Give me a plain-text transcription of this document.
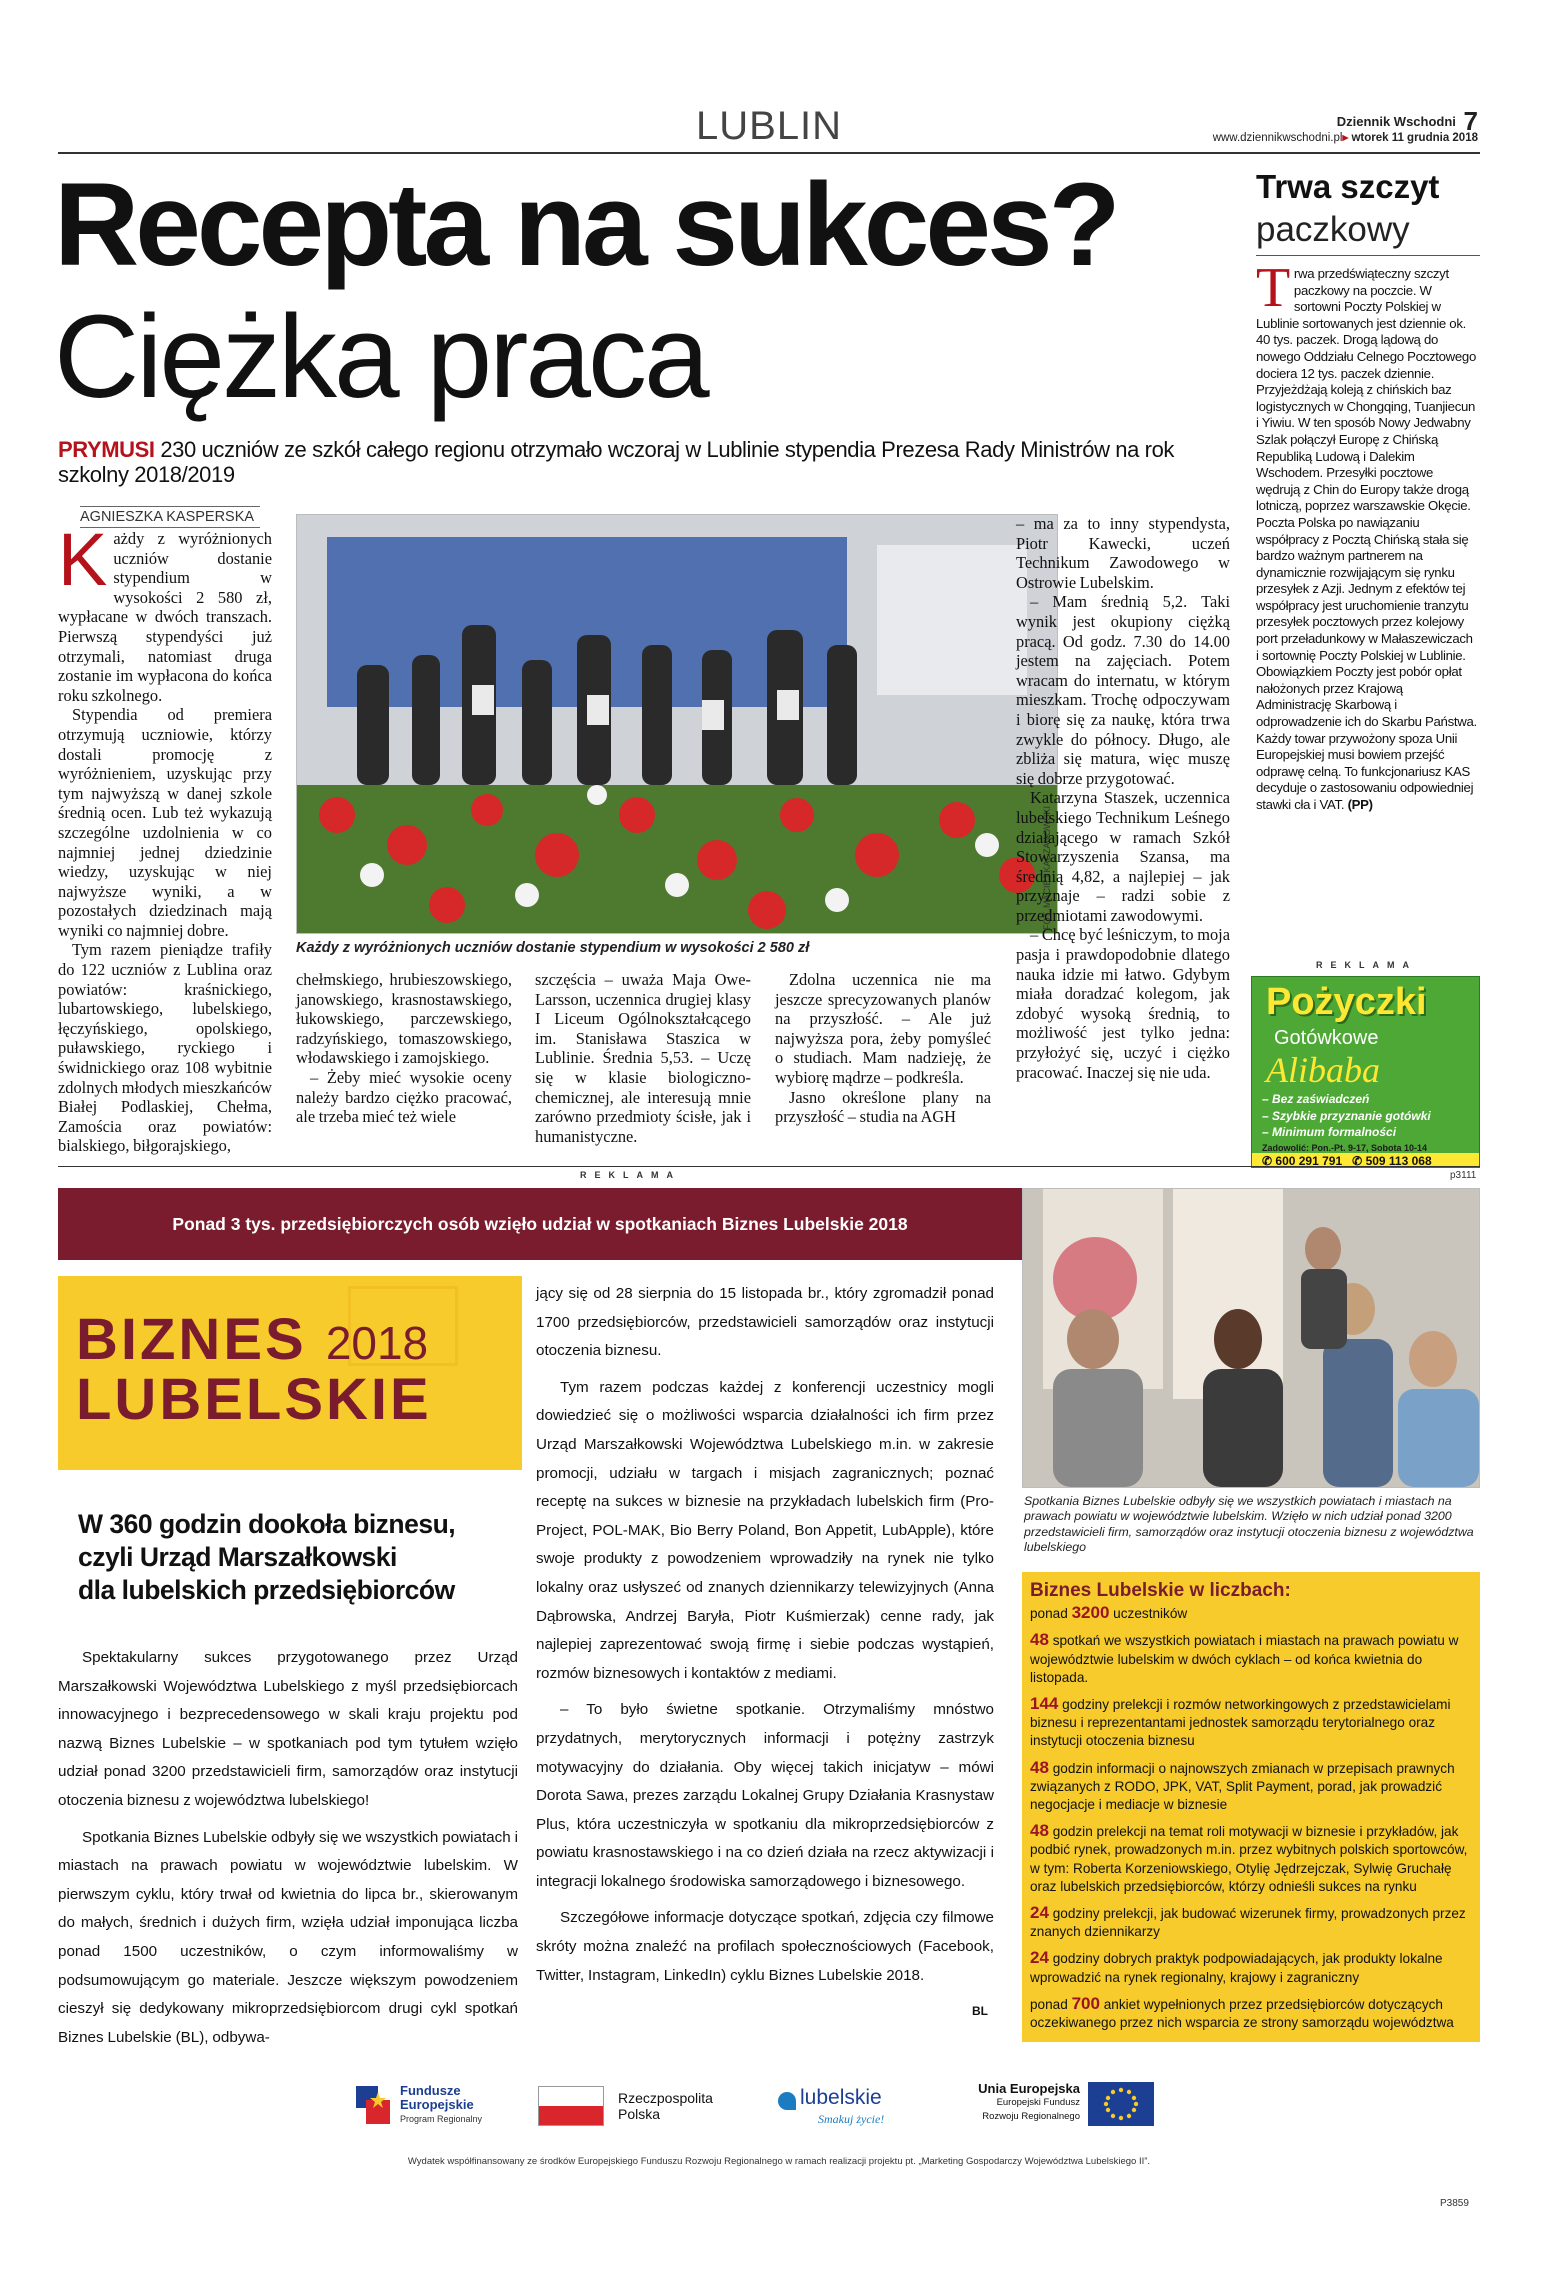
LUBLIN	Dziennik Wschodni 7
www.dziennikwschodni.pl▸ wtorek 11 grudnia 2018
Recepta na sukces?
Ciężka praca
PRYMUSI 230 uczniów ze szkół całego regionu otrzymało wczoraj w Lublinie stypendia Prezesa Rady Ministrów na rok szkolny 2018/2019
AGNIESZKA KASPERSKA

Każdy z wyróżnionych uczniów dostanie stypendium w wysokości 2 580 zł, wypłacane w dwóch transzach. Pierwszą stypendyści już otrzymali, natomiast druga zostanie im wypłacona do końca roku szkolnego.

Stypendia od premiera otrzymują uczniowie, którzy dostali promocję z wyróżnieniem, uzyskując przy tym najwyższą w danej szkole średnią ocen. Lub też wykazują szczególne uzdolnienia w co najmniej jednej dziedzinie wiedzy, uzyskując w niej najwyższe wyniki, a w pozostałych dziedzinach mają wyniki co najmniej dobre.

Tym razem pieniądze trafiły do 122 uczniów z Lublina oraz powiatów: kraśnickiego, lubartowskiego, lubelskiego, łęczyńskiego, opolskiego, puławskiego, ryckiego i świdnickiego oraz 108 wybitnie zdolnych młodych mieszkańców Białej Podlaskiej, Chełma, Zamościa oraz powiatów: bialskiego, biłgorajskiego,

FOT. MACIEJ KACZANOWSKI
Każdy z wyróżnionych uczniów dostanie stypendium w wysokości 2 580 zł

chełmskiego, hrubieszowskiego, janowskiego, krasnostawskiego, łukowskiego, parczewskiego, radzyńskiego, tomaszowskiego, włodawskiego i zamojskiego.

– Żeby mieć wysokie oceny należy bardzo ciężko pracować, ale trzeba mieć też wiele

szczęścia – uważa Maja Owe-Larsson, uczennica drugiej klasy I Liceum Ogólnokształcącego im. Stanisława Staszica w Lublinie. Średnia 5,53. – Uczę się w klasie biologiczno-chemicznej, ale interesują mnie zarówno przedmioty ścisłe, jak i humanistyczne.

Zdolna uczennica nie ma jeszcze sprecyzowanych planów na przyszłość. – Ale już najwyższa pora, żeby pomyśleć o studiach. Mam nadzieję, że wybiorę mądrze – podkreśla.

Jasno określone plany na przyszłość – studia na AGH

– ma za to inny stypendysta, Piotr Kawecki, uczeń Technikum Zawodowego w Ostrowie Lubelskim.

– Mam średnią 5,2. Taki wynik jest okupiony ciężką pracą. Od godz. 7.30 do 14.00 jestem na zajęciach. Potem wracam do internatu, w którym mieszkam. Trochę odpoczywam i biorę się za naukę, która trwa zwykle do północy. Długo, ale zbliża się matura, więc muszę się dobrze przygotować.

Katarzyna Staszek, uczennica lubelskiego Technikum Leśnego działającego w ramach Szkół Stowarzyszenia Szansa, ma średnią 4,82, a najlepiej – jak przyznaje – radzi sobie z przedmiotami zawodowymi.

– Chcę być leśniczym, to moja pasja i prawdopodobnie dlatego nauka idzie mi łatwo. Gdybym miała doradzać kolegom, jak zdobyć wysoką średnią, to możliwość jest tylko jedna: przyłożyć się, uczyć i ciężko pracować. Inaczej się nie uda.

Trwa szczyt
paczkowy
T rwa przedświąteczny szczyt paczkowy na poczcie. W sortowni Poczty Polskiej w Lublinie sortowanych jest dziennie ok. 40 tys. paczek. Drogą lądową do nowego Oddziału Celnego Pocztowego dociera 12 tys. paczek dziennie. Przyjeżdżają koleją z chińskich baz logistycznych w Chongqing, Tuanjiecun i Yiwiu. W ten sposób Nowy Jedwabny Szlak połączył Europę z Chińską Republiką Ludową i Dalekim Wschodem. Przesyłki pocztowe wędrują z Chin do Europy także drogą lotniczą, poprzez warszawskie Okęcie. Poczta Polska po nawiązaniu współpracy z Pocztą Chińską stała się bardzo ważnym partnerem na dynamicznie rozwijającym się rynku przesyłek z Azji. Jednym z efektów tej współpracy jest uruchomienie tranzytu przesyłek pocztowych przez kolejowy port przeładunkowy w Małaszewiczach i sortownię Poczty Polskiej w Lublinie. Obowiązkiem Poczty jest pobór opłat nałożonych przez Krajową Administrację Skarbową i odprowadzenie ich do Skarbu Państwa. Każdy towar przywożony spoza Unii Europejskiej musi bowiem przejść odprawę celną. To funkcjonariusz KAS decyduje o zastosowaniu odpowiedniej stawki cła i VAT. (PP)
REKLAMA
Pożyczki
Gotówkowe
Alibaba
– Bez zaświadczeń
– Szybkie przyznanie gotówki
– Minimum formalności
Zadowolić: Pon.-Pt. 9-17, Sobota 10-14
✆ 600 291 791 ✆ 509 113 068
p3111
REKLAMA
Ponad 3 tys. przedsiębiorczych osób wzięło udział w spotkaniach Biznes Lubelskie 2018
BIZNES 2018
LUBELSKIE
W 360 godzin dookoła biznesu,
czyli Urząd Marszałkowski
dla lubelskich przedsiębiorców

Spektakularny sukces przygotowanego przez Urząd Marszałkowski Województwa Lubelskiego z myśl przedsiębiorcach innowacyjnego i bezprecedensowego w skali kraju projektu pod nazwą Biznes Lubelskie – w spotkaniach pod tym tytułem wzięło udział ponad 3200 przedstawicieli firm, samorządów oraz instytucji otoczenia biznesu z województwa lubelskiego!

Spotkania Biznes Lubelskie odbyły się we wszystkich powiatach i miastach na prawach powiatu w województwie lubelskim. W pierwszym cyklu, który trwał od kwietnia do lipca br., skierowanym do małych, średnich i dużych firm, wzięła udział imponująca liczba ponad 1500 uczestników, o czym informowaliśmy w podsumowującym go materiale. Jeszcze większym powodzeniem cieszył się dedykowany mikroprzedsiębiorcom drugi cykl spotkań Biznes Lubelskie (BL), odbywa-

jący się od 28 sierpnia do 15 listopada br., który zgromadził ponad 1700 przedsiębiorców, przedstawicieli samorządów oraz instytucji otoczenia biznesu.

Tym razem podczas każdej z konferencji uczestnicy mogli dowiedzieć się o możliwości wsparcia działalności ich firm przez Urząd Marszałkowski Województwa Lubelskiego m.in. w zakresie promocji, udziału w targach i misjach zagranicznych; poznać receptę na sukces w biznesie na przykładach lubelskich firm (Pro-Project, POL-MAK, Bio Berry Poland, Bon Appetit, LubApple), które swoje produkty z powodzeniem wprowadziły na rynek nie tylko lokalny oraz usłyszeć od znanych dziennikarzy telewizyjnych (Anna Dąbrowska, Andrzej Baryła, Piotr Kuśmierzak) cenne rady, jak najlepiej zaprezentować swoją firmę i siebie podczas wystąpień, rozmów biznesowych i kontaktów z mediami.

– To było świetne spotkanie. Otrzymaliśmy mnóstwo przydatnych, merytorycznych informacji i potężny zastrzyk motywacyjny do działania. Oby więcej takich inicjatyw – mówi Dorota Sawa, prezes zarządu Lokalnej Grupy Działania Krasnystaw Plus, która uczestniczyła w spotkaniu dla mikroprzedsiębiorców z powiatu krasnostawskiego i na co dzień działa na rzecz aktywizacji i integracji lokalnego środowiska samorządowego i biznesowego.

Szczegółowe informacje dotyczące spotkań, zdjęcia czy filmowe skróty można znaleźć na profilach społecznościowych (Facebook, Twitter, Instagram, LinkedIn) cyklu Biznes Lubelskie 2018.

BL
Spotkania Biznes Lubelskie odbyły się we wszystkich powiatach i miastach na prawach powiatu w województwie lubelskim. Wzięło w nich udział ponad 3200 przedstawicieli firm, samorządów oraz instytucji otoczenia biznesu z województwa lubelskiego
Biznes Lubelskie w liczbach:
ponad 3200 uczestników
48 spotkań we wszystkich powiatach i miastach na prawach powiatu w województwie lubelskim w dwóch cyklach – od końca kwietnia do listopada.
144 godziny prelekcji i rozmów networkingowych z przedstawicielami biznesu i reprezentantami jednostek samorządu terytorialnego oraz instytucji otoczenia biznesu
48 godzin informacji o najnowszych zmianach w przepisach prawnych związanych z RODO, JPK, VAT, Split Payment, porad, jak prowadzić negocjacje i mediacje w biznesie
48 godzin prelekcji na temat roli motywacji w biznesie i przykładów, jak podbić rynek, prowadzonych m.in. przez wybitnych polskich sportowców, w tym: Roberta Korzeniowskiego, Otylię Jędrzejczak, Sylwię Gruchałę oraz lubelskich przedsiębiorców, którzy odnieśli sukces na rynku
24 godziny prelekcji, jak budować wizerunek firmy, prowadzonych przez znanych dziennikarzy
24 godziny dobrych praktyk podpowiadających, jak produkty lokalne wprowadzić na rynek regionalny, krajowy i zagraniczny
ponad 700 ankiet wypełnionych przez przedsiębiorców dotyczących oczekiwanego przez nich wsparcia ze strony samorządu województwa
Fundusze
Europejskie
Program Regionalny
Rzeczpospolita
Polska
lubelskie
Smakuj życie!
Unia Europejska
Europejski Fundusz
Rozwoju Regionalnego
Wydatek współfinansowany ze środków Europejskiego Funduszu Rozwoju Regionalnego w ramach realizacji projektu pt. „Marketing Gospodarczy Województwa Lubelskiego II”.
P3859
